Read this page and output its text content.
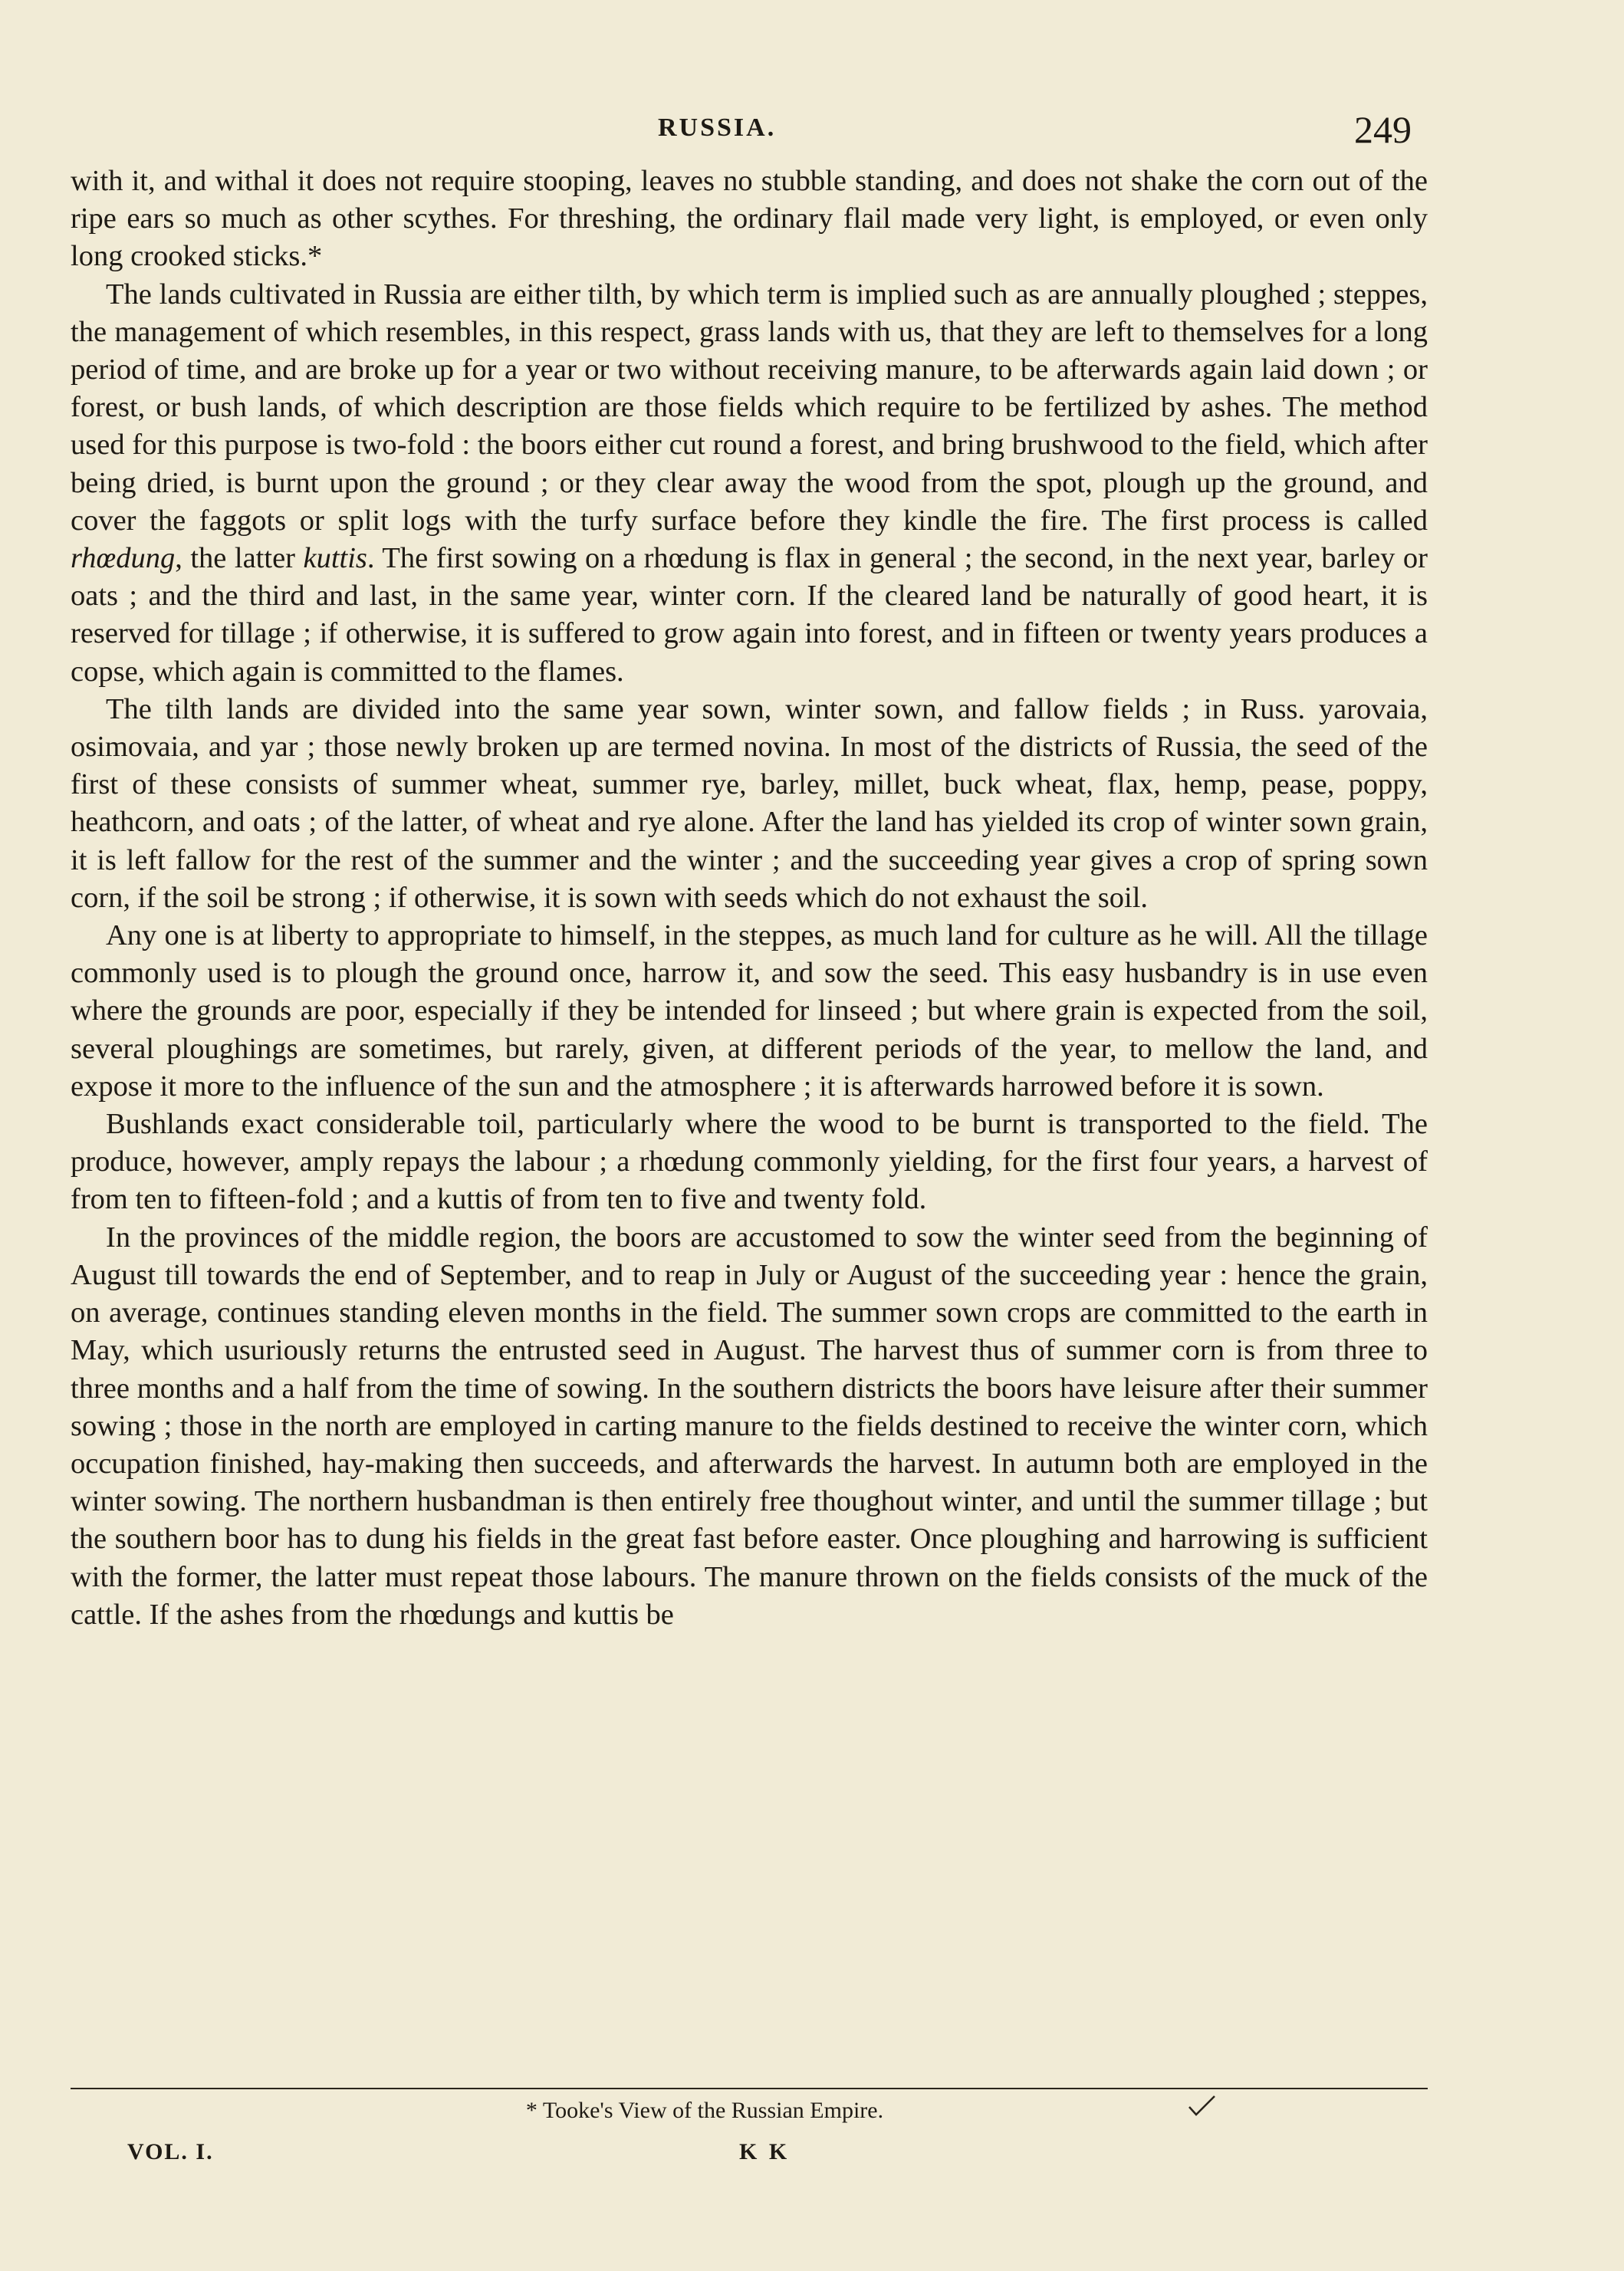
RUSSIA.	249

with it, and withal it does not require stooping, leaves no stubble standing, and does not shake the corn out of the ripe ears so much as other scythes. For threshing, the ordinary flail made very light, is employed, or even only long crooked sticks.*

The lands cultivated in Russia are either tilth, by which term is implied such as are annually ploughed ; steppes, the management of which resembles, in this respect, grass lands with us, that they are left to themselves for a long period of time, and are broke up for a year or two without receiving manure, to be afterwards again laid down ; or forest, or bush lands, of which description are those fields which require to be fertilized by ashes. The method used for this purpose is two-fold : the boors either cut round a forest, and bring brushwood to the field, which after being dried, is burnt upon the ground ; or they clear away the wood from the spot, plough up the ground, and cover the faggots or split logs with the turfy surface before they kindle the fire. The first process is called rhœdung, the latter kuttis. The first sowing on a rhœdung is flax in general ; the second, in the next year, barley or oats ; and the third and last, in the same year, winter corn. If the cleared land be naturally of good heart, it is reserved for tillage ; if otherwise, it is suffered to grow again into forest, and in fifteen or twenty years produces a copse, which again is committed to the flames.

The tilth lands are divided into the same year sown, winter sown, and fallow fields ; in Russ. yarovaia, osimovaia, and yar ; those newly broken up are termed novina. In most of the districts of Russia, the seed of the first of these consists of summer wheat, summer rye, barley, millet, buck wheat, flax, hemp, pease, poppy, heathcorn, and oats ; of the latter, of wheat and rye alone. After the land has yielded its crop of winter sown grain, it is left fallow for the rest of the summer and the winter ; and the succeeding year gives a crop of spring sown corn, if the soil be strong ; if otherwise, it is sown with seeds which do not exhaust the soil.

Any one is at liberty to appropriate to himself, in the steppes, as much land for culture as he will. All the tillage commonly used is to plough the ground once, harrow it, and sow the seed. This easy husbandry is in use even where the grounds are poor, especially if they be intended for linseed ; but where grain is expected from the soil, several ploughings are sometimes, but rarely, given, at different periods of the year, to mellow the land, and expose it more to the influence of the sun and the atmosphere ; it is afterwards harrowed before it is sown.

Bushlands exact considerable toil, particularly where the wood to be burnt is transported to the field. The produce, however, amply repays the labour ; a rhœdung commonly yielding, for the first four years, a harvest of from ten to fifteen-fold ; and a kuttis of from ten to five and twenty fold.

In the provinces of the middle region, the boors are accustomed to sow the winter seed from the beginning of August till towards the end of September, and to reap in July or August of the succeeding year : hence the grain, on average, continues standing eleven months in the field. The summer sown crops are committed to the earth in May, which usuriously returns the entrusted seed in August. The harvest thus of summer corn is from three to three months and a half from the time of sowing. In the southern districts the boors have leisure after their summer sowing ; those in the north are employed in carting manure to the fields destined to receive the winter corn, which occupation finished, hay-making then succeeds, and afterwards the harvest. In autumn both are employed in the winter sowing. The northern husbandman is then entirely free thoughout winter, and until the summer tillage ; but the southern boor has to dung his fields in the great fast before easter. Once ploughing and harrowing is sufficient with the former, the latter must repeat those labours. The manure thrown on the fields consists of the muck of the cattle. If the ashes from the rhœdungs and kuttis be

* Tooke's View of the Russian Empire.
VOL. I.	K K
